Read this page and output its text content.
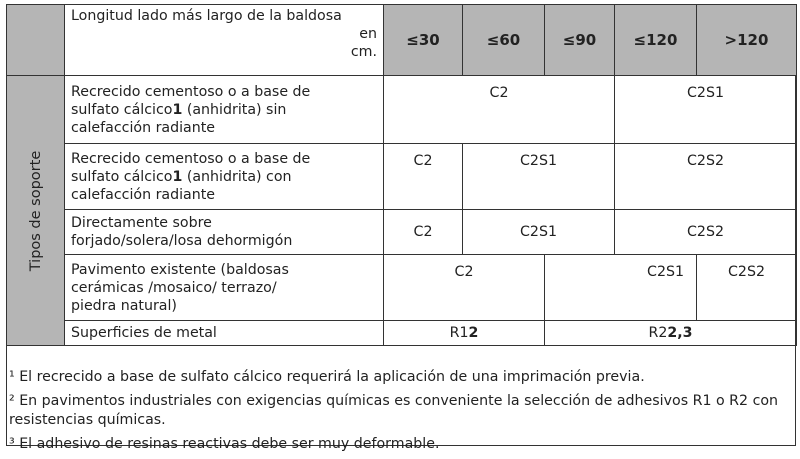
	Longitud lado más largo de la baldosa
en
cm.	≤30	≤60	≤90	≤120	>120

Tipos de soporte	Recrecido cementoso o a base de
sulfato cálcico1 (anhidrita) sin
calefacción radiante	C2			C2S1	
	Recrecido cementoso o a base de
sulfato cálcico1 (anhidrita) con
calefacción radiante	C2	C2S1		C2S2	
	Directamente sobre
forjado/solera/losa dehormigón	C2	C2S1		C2S2	
	Pavimento existente (baldosas
cerámicas /mosaico/ terrazo/
piedra natural)	C2		C2S1		C2S2
	Superficies de metal	R12		R22,3		

¹ El recrecido a base de sulfato cálcico requerirá la aplicación de una imprimación previa.

² En pavimentos industriales con exigencias químicas es conveniente la selección de adhesivos R1 o R2 con resistencias químicas.

³ El adhesivo de resinas reactivas debe ser muy deformable.
